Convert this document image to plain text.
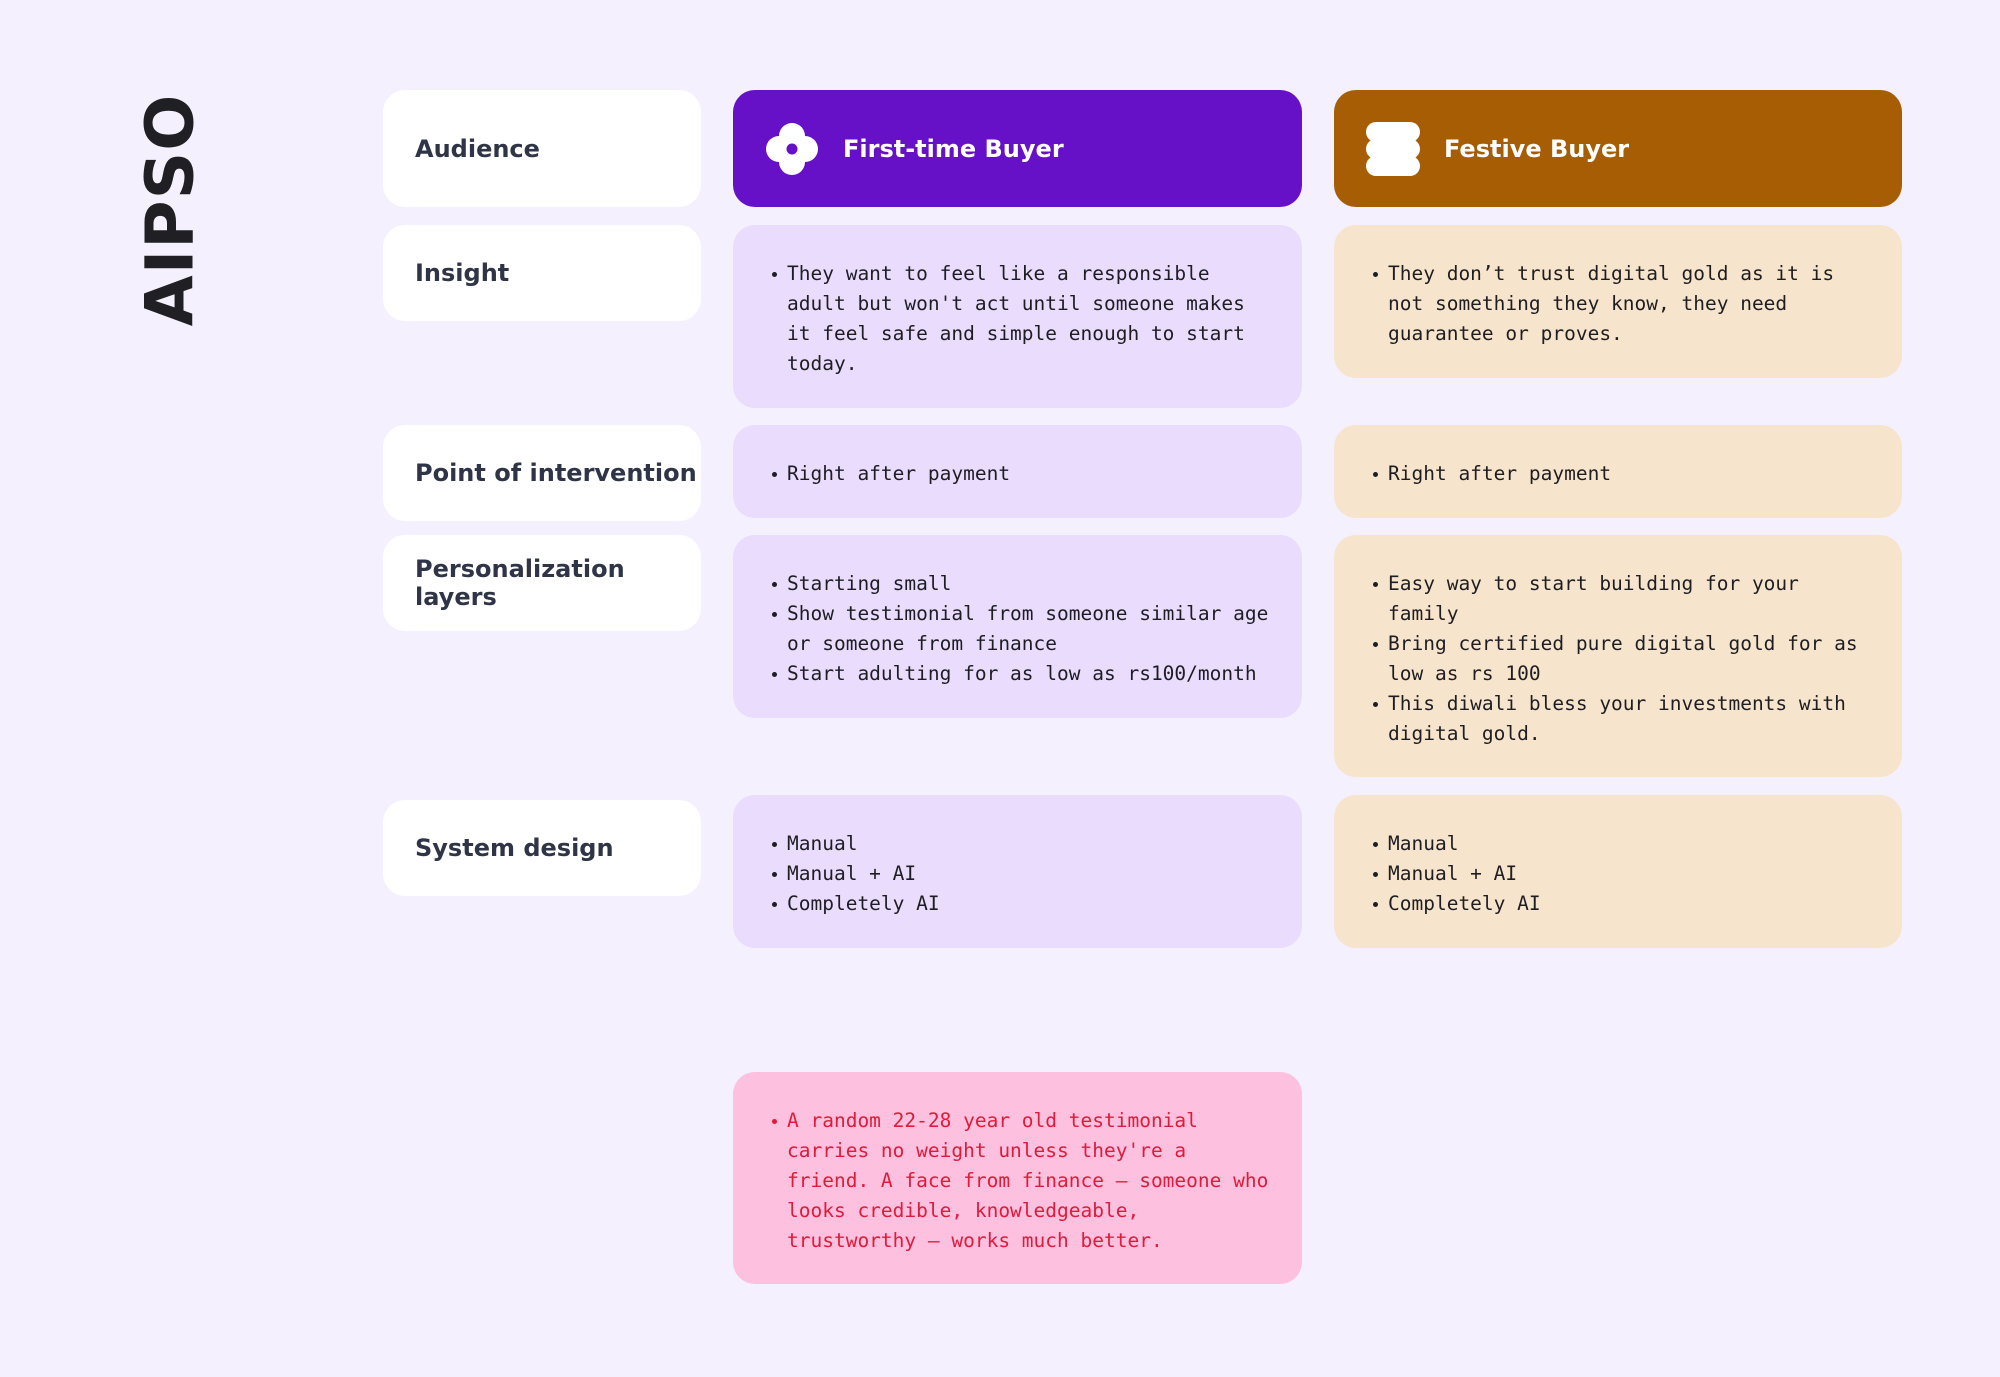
AIPSO	Audience
Insight
Point of intervention
Personalization layers
System design
First-time Buyer	Festive Buyer
They want to feel like a responsible adult but won't act until someone makes it feel safe and simple enough to start today.
Right after payment
Starting small
Show testimonial from someone similar age or someone from finance
Start adulting for as low as rs100/month
Manual
Manual + AI
Completely AI
A random 22-28 year old testimonial carries no weight unless they're a friend. A face from finance — someone who looks credible, knowledgeable, trustworthy — works much better.
They don’t trust digital gold as it is not something they know, they need guarantee or proves.
Right after payment
Easy way to start building for your family
Bring certified pure digital gold for as low as rs 100
This diwali bless your investments with digital gold.
Manual
Manual + AI
Completely AI
